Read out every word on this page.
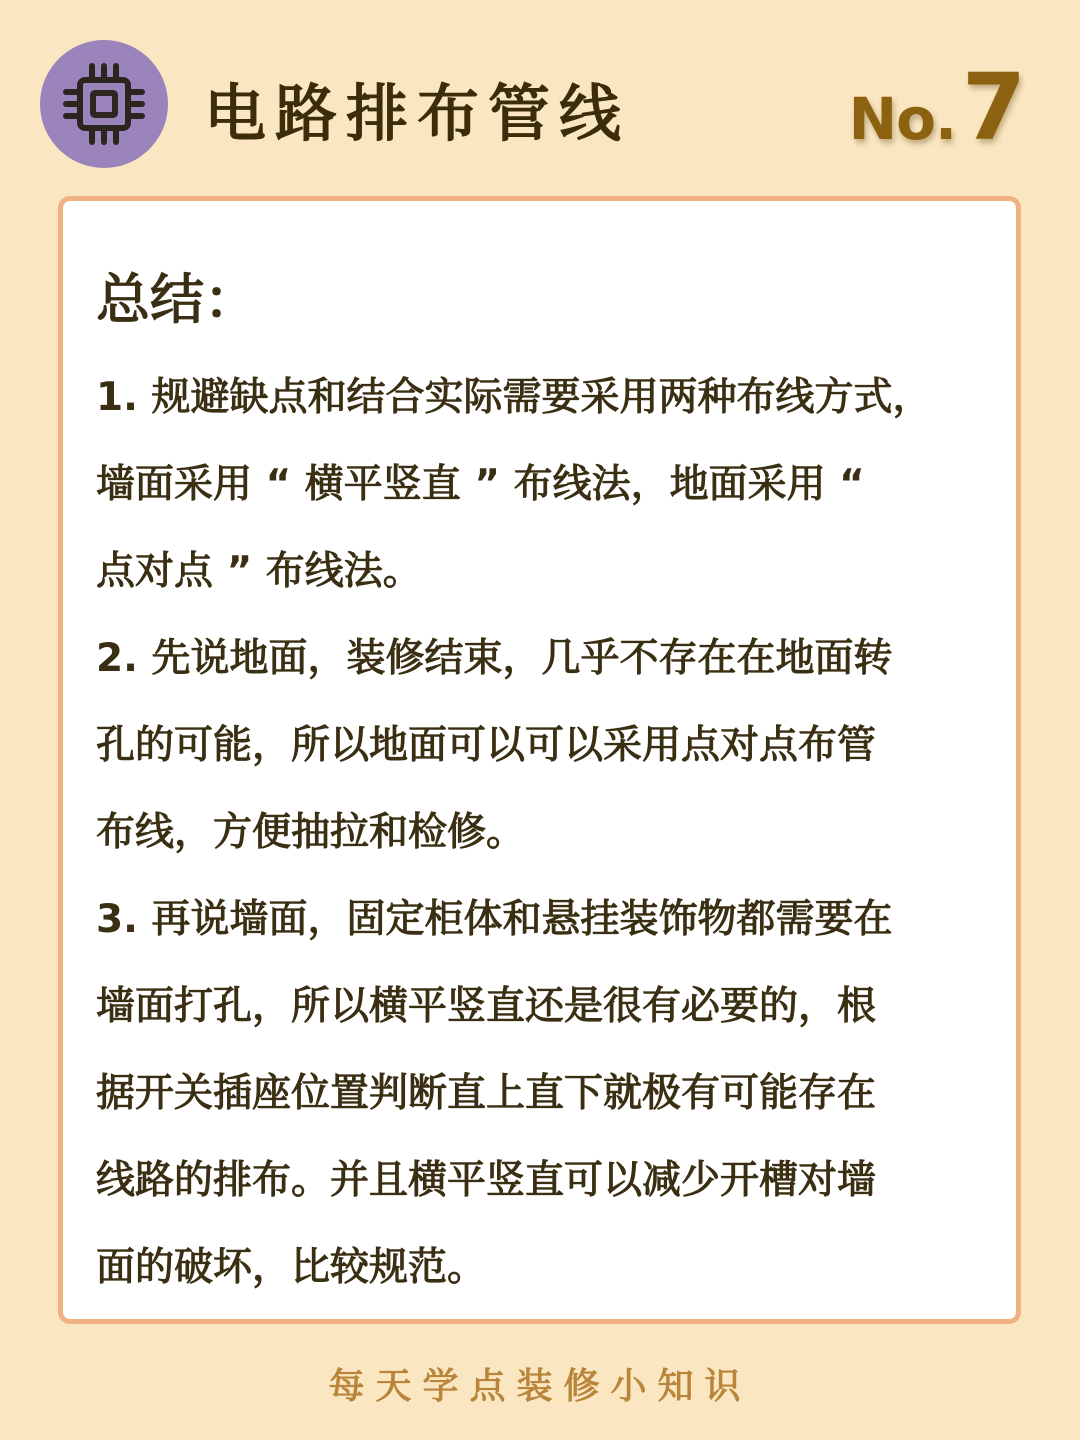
电路排布管线	No.7
总结：
1. 规避缺点和结合实际需要采用两种布线方式，
墙面采用 “ 横平竖直 ” 布线法，地面采用 “
点对点 ” 布线法。
2. 先说地面，装修结束，几乎不存在在地面转
孔的可能，所以地面可以可以采用点对点布管
布线，方便抽拉和检修。
3. 再说墙面，固定柜体和悬挂装饰物都需要在
墙面打孔，所以横平竖直还是很有必要的，根
据开关插座位置判断直上直下就极有可能存在
线路的排布。并且横平竖直可以减少开槽对墙
面的破坏，比较规范。
每天学点装修小知识
